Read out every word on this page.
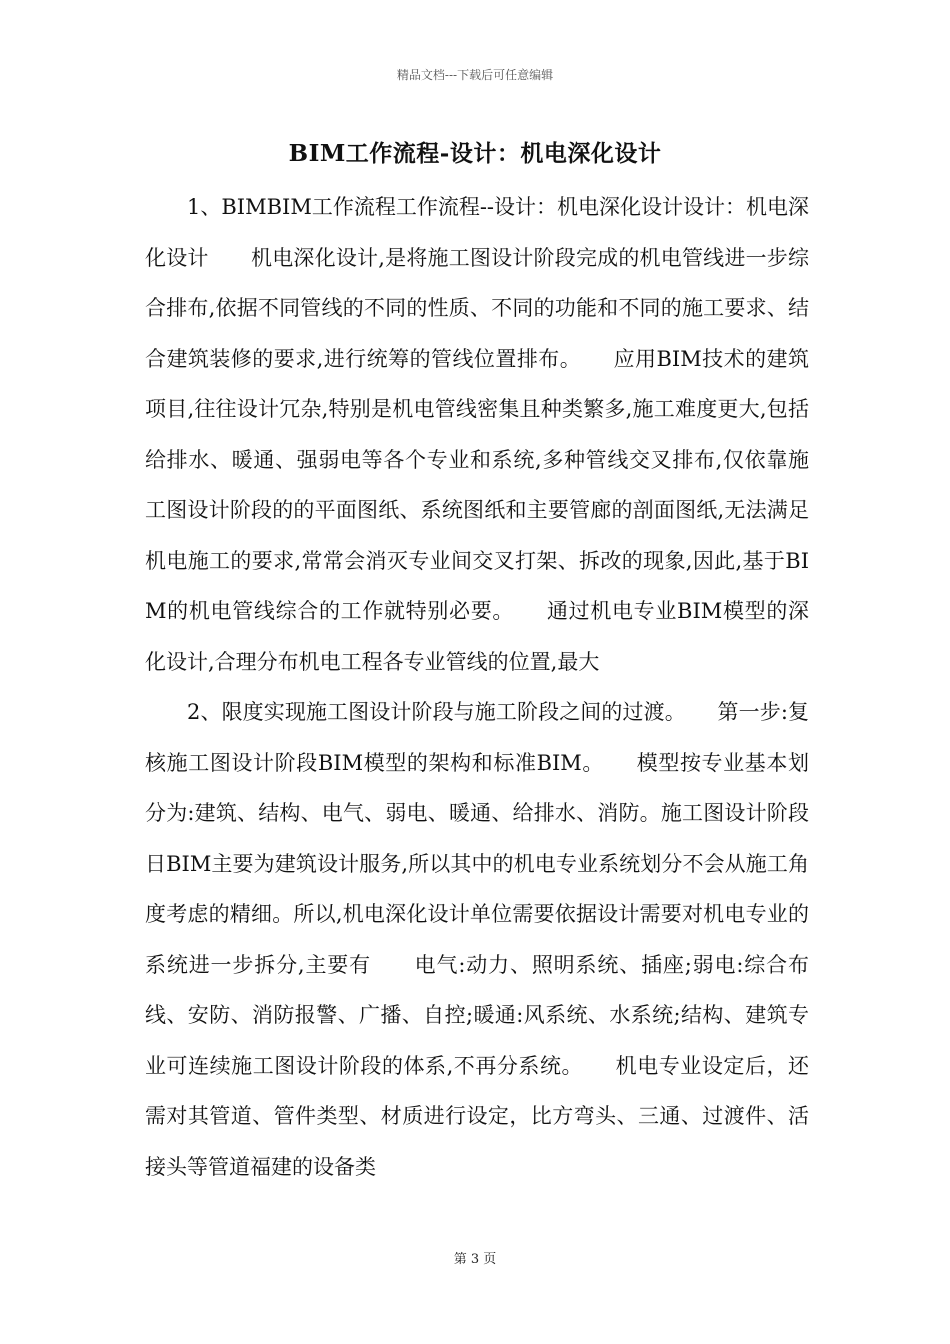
精品文档---下载后可任意编辑
BIM工作流程-设计：机电深化设计

1、BIMBIM工作流程工作流程--设计：机电深化设计设计：机电深化设计　　机电深化设计,是将施工图设计阶段完成的机电管线进一步综合排布,依据不同管线的不同的性质、不同的功能和不同的施工要求、结合建筑装修的要求,进行统筹的管线位置排布。　　应用BIM技术的建筑项目,往往设计冗杂,特别是机电管线密集且种类繁多,施工难度更大,包括给排水、暖通、强弱电等各个专业和系统,多种管线交叉排布,仅依靠施工图设计阶段的的平面图纸、系统图纸和主要管廊的剖面图纸,无法满足机电施工的要求,常常会消灭专业间交叉打架、拆改的现象,因此,基于BIM的机电管线综合的工作就特别必要。　　通过机电专业BIM模型的深化设计,合理分布机电工程各专业管线的位置,最大

2、限度实现施工图设计阶段与施工阶段之间的过渡。　　第一步:复核施工图设计阶段BIM模型的架构和标准BIM。　　模型按专业基本划分为:建筑、结构、电气、弱电、暖通、给排水、消防。施工图设计阶段日BIM主要为建筑设计服务,所以其中的机电专业系统划分不会从施工角度考虑的精细。所以,机电深化设计单位需要依据设计需要对机电专业的系统进一步拆分,主要有　　电气:动力、照明系统、插座;弱电:综合布线、安防、消防报警、广播、自控;暖通:风系统、水系统;结构、建筑专业可连续施工图设计阶段的体系,不再分系统。　　机电专业设定后，还需对其管道、管件类型、材质进行设定，比方弯头、三通、过渡件、活接头等管道福建的设备类

第 3 页
